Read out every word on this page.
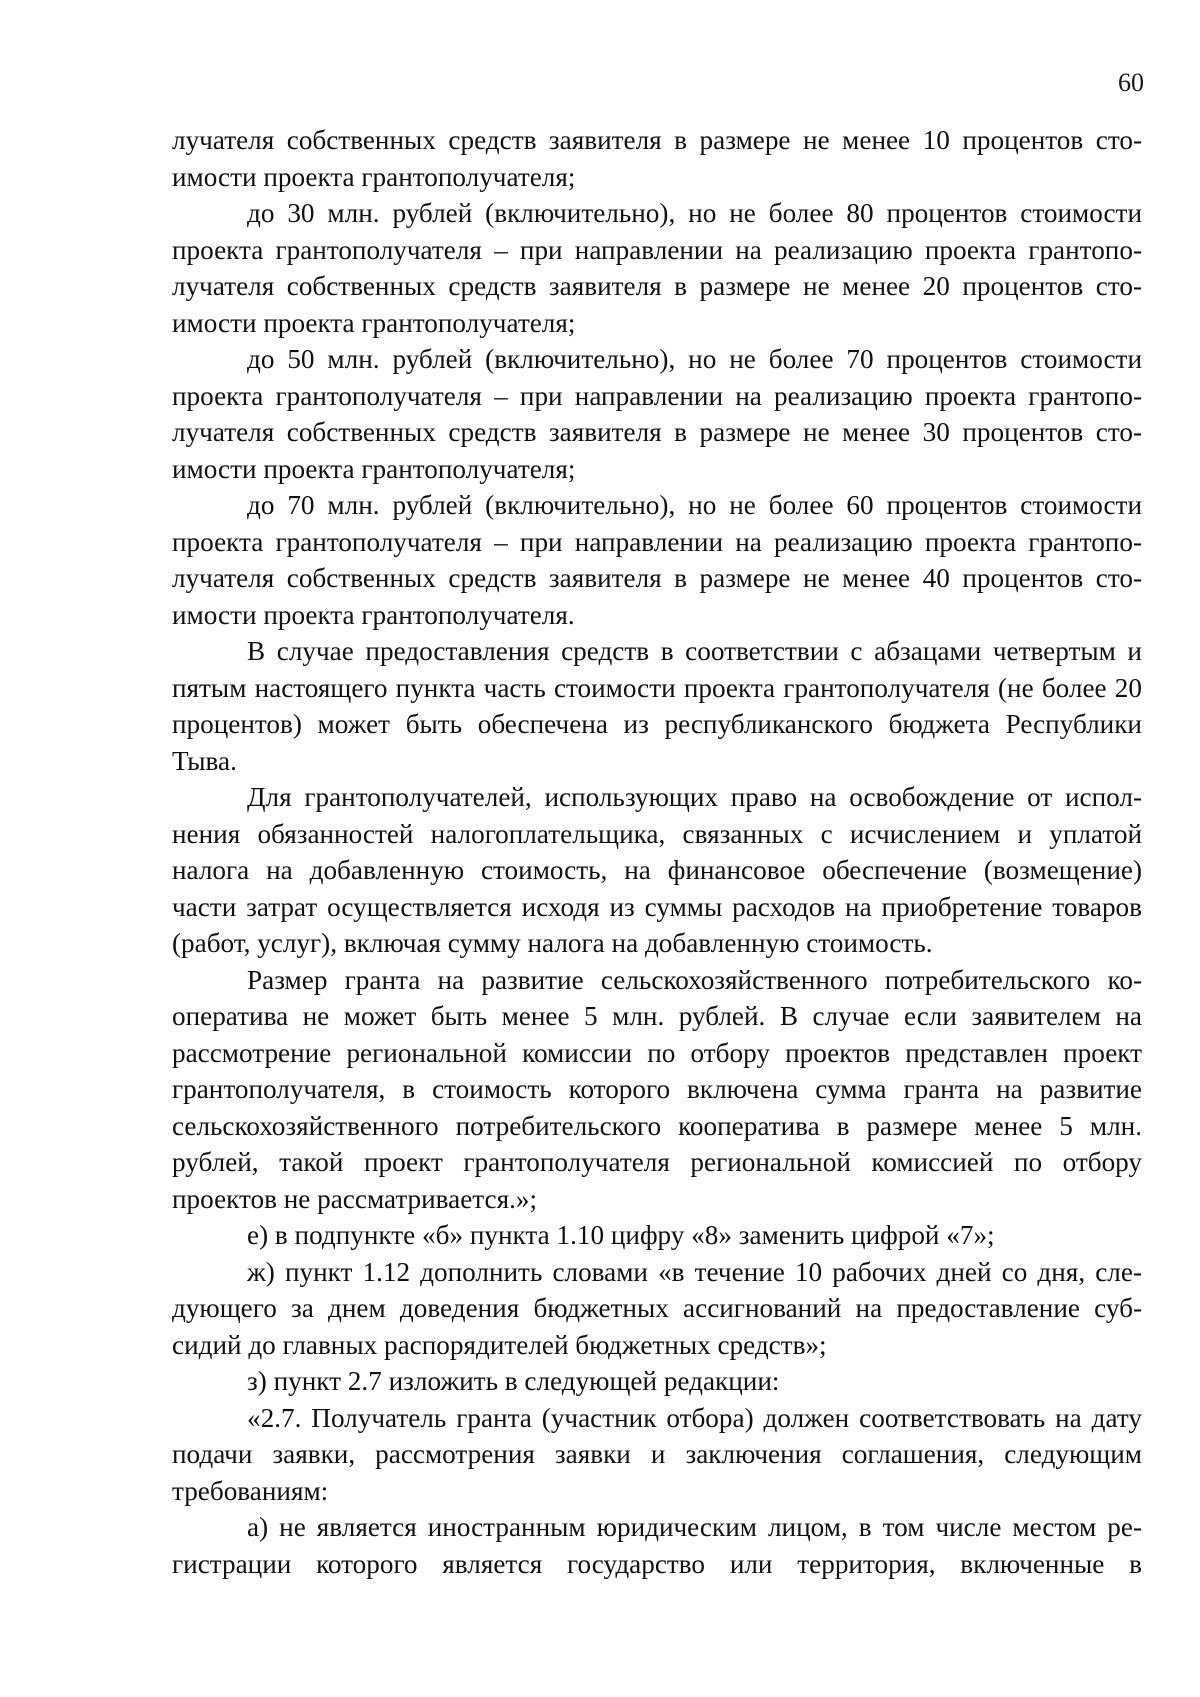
60

лучателя собственных средств заявителя в размере не менее 10 процентов стоимости проекта грантополучателя;

до 30 млн. рублей (включительно), но не более 80 процентов стоимости проекта грантополучателя – при направлении на реализацию проекта грантополучателя собственных средств заявителя в размере не менее 20 процентов стоимости проекта грантополучателя;

до 50 млн. рублей (включительно), но не более 70 процентов стоимости проекта грантополучателя – при направлении на реализацию проекта грантополучателя собственных средств заявителя в размере не менее 30 процентов стоимости проекта грантополучателя;

до 70 млн. рублей (включительно), но не более 60 процентов стоимости проекта грантополучателя – при направлении на реализацию проекта грантополучателя собственных средств заявителя в размере не менее 40 процентов стоимости проекта грантополучателя.

В случае предоставления средств в соответствии с абзацами четвертым и пятым настоящего пункта часть стоимости проекта грантополучателя (не более 20 процентов) может быть обеспечена из республиканского бюджета Республики Тыва.

Для грантополучателей, использующих право на освобождение от исполнения обязанностей налогоплательщика, связанных с исчислением и уплатой налога на добавленную стоимость, на финансовое обеспечение (возмещение) части затрат осуществляется исходя из суммы расходов на приобретение товаров (работ, услуг), включая сумму налога на добавленную стоимость.

Размер гранта на развитие сельскохозяйственного потребительского кооператива не может быть менее 5 млн. рублей. В случае если заявителем на рассмотрение региональной комиссии по отбору проектов представлен проект грантополучателя, в стоимость которого включена сумма гранта на развитие сельскохозяйственного потребительского кооператива в размере менее 5 млн. рублей, такой проект грантополучателя региональной комиссией по отбору проектов не рассматривается.»;

е) в подпункте «б» пункта 1.10 цифру «8» заменить цифрой «7»;

ж) пункт 1.12 дополнить словами «в течение 10 рабочих дней со дня, следующего за днем доведения бюджетных ассигнований на предоставление субсидий до главных распорядителей бюджетных средств»;

з) пункт 2.7 изложить в следующей редакции:

«2.7. Получатель гранта (участник отбора) должен соответствовать на дату подачи заявки, рассмотрения заявки и заключения соглашения, следующим требованиям:

а) не является иностранным юридическим лицом, в том числе местом регистрации которого является государство или территория, включенные в
